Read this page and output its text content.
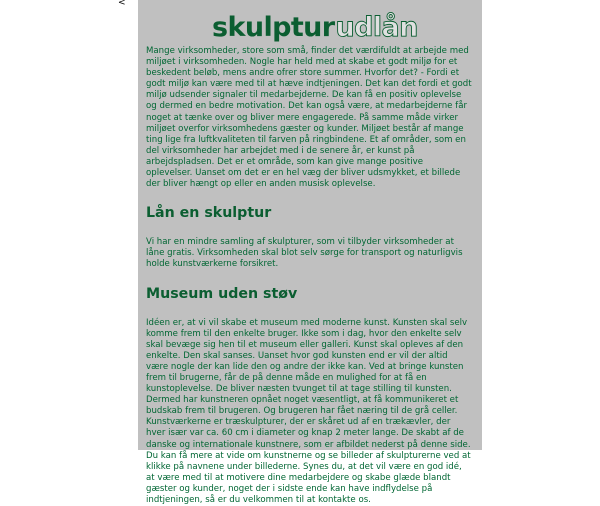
<
skulptur udlån

Mange virksomheder, store som små, finder det værdifuldt at arbejde med miljøet i virksomheden. Nogle har held med at skabe et godt miljø for et beskedent beløb, mens andre ofrer store summer. Hvorfor det? - Fordi et godt miljø kan være med til at hæve indtjeningen. Det kan det fordi et godt miljø udsender signaler til medarbejderne. De kan få en positiv oplevelse og dermed en bedre motivation. Det kan også være, at medarbejderne får noget at tænke over og bliver mere engagerede. På samme måde virker miljøet overfor virksomhedens gæster og kunder. Miljøet består af mange ting lige fra luftkvaliteten til farven på ringbindene. Et af områder, som en del virksomheder har arbejdet med i de senere år, er kunst på arbejdspladsen. Det er et område, som kan give mange positive oplevelser. Uanset om det er en hel væg der bliver udsmykket, et billede der bliver hængt op eller en anden musisk oplevelse.

Lån en skulptur

Vi har en mindre samling af skulpturer, som vi tilbyder virksomheder at låne gratis. Virksomheden skal blot selv sørge for transport og naturligvis holde kunstværkerne forsikret.

Museum uden støv

Idéen er, at vi vil skabe et museum med moderne kunst. Kunsten skal selv komme frem til den enkelte bruger. Ikke som i dag, hvor den enkelte selv skal bevæge sig hen til et museum eller galleri. Kunst skal opleves af den enkelte. Den skal sanses. Uanset hvor god kunsten end er vil der altid være nogle der kan lide den og andre der ikke kan. Ved at bringe kunsten frem til brugerne, får de på denne måde en mulighed for at få en kunstoplevelse. De bliver næsten tvunget til at tage stilling til kunsten. Dermed har kunstneren opnået noget væsentligt, at få kommunikeret et budskab frem til brugeren. Og brugeren har fået næring til de grå celler. Kunstværkerne er træskulpturer, der er skåret ud af en trækævler, der hver især var ca. 60 cm i diameter og knap 2 meter lange. De skabt af de danske og internationale kunstnere, som er afbildet nederst på denne side. Du kan få mere at vide om kunstnerne og se billeder af skulpturerne ved at klikke på navnene under billederne. Synes du, at det vil være en god idé, at være med til at motivere dine medarbejdere og skabe glæde blandt gæster og kunder, noget der i sidste ende kan have indflydelse på indtjeningen, så er du velkommen til at kontakte os.
